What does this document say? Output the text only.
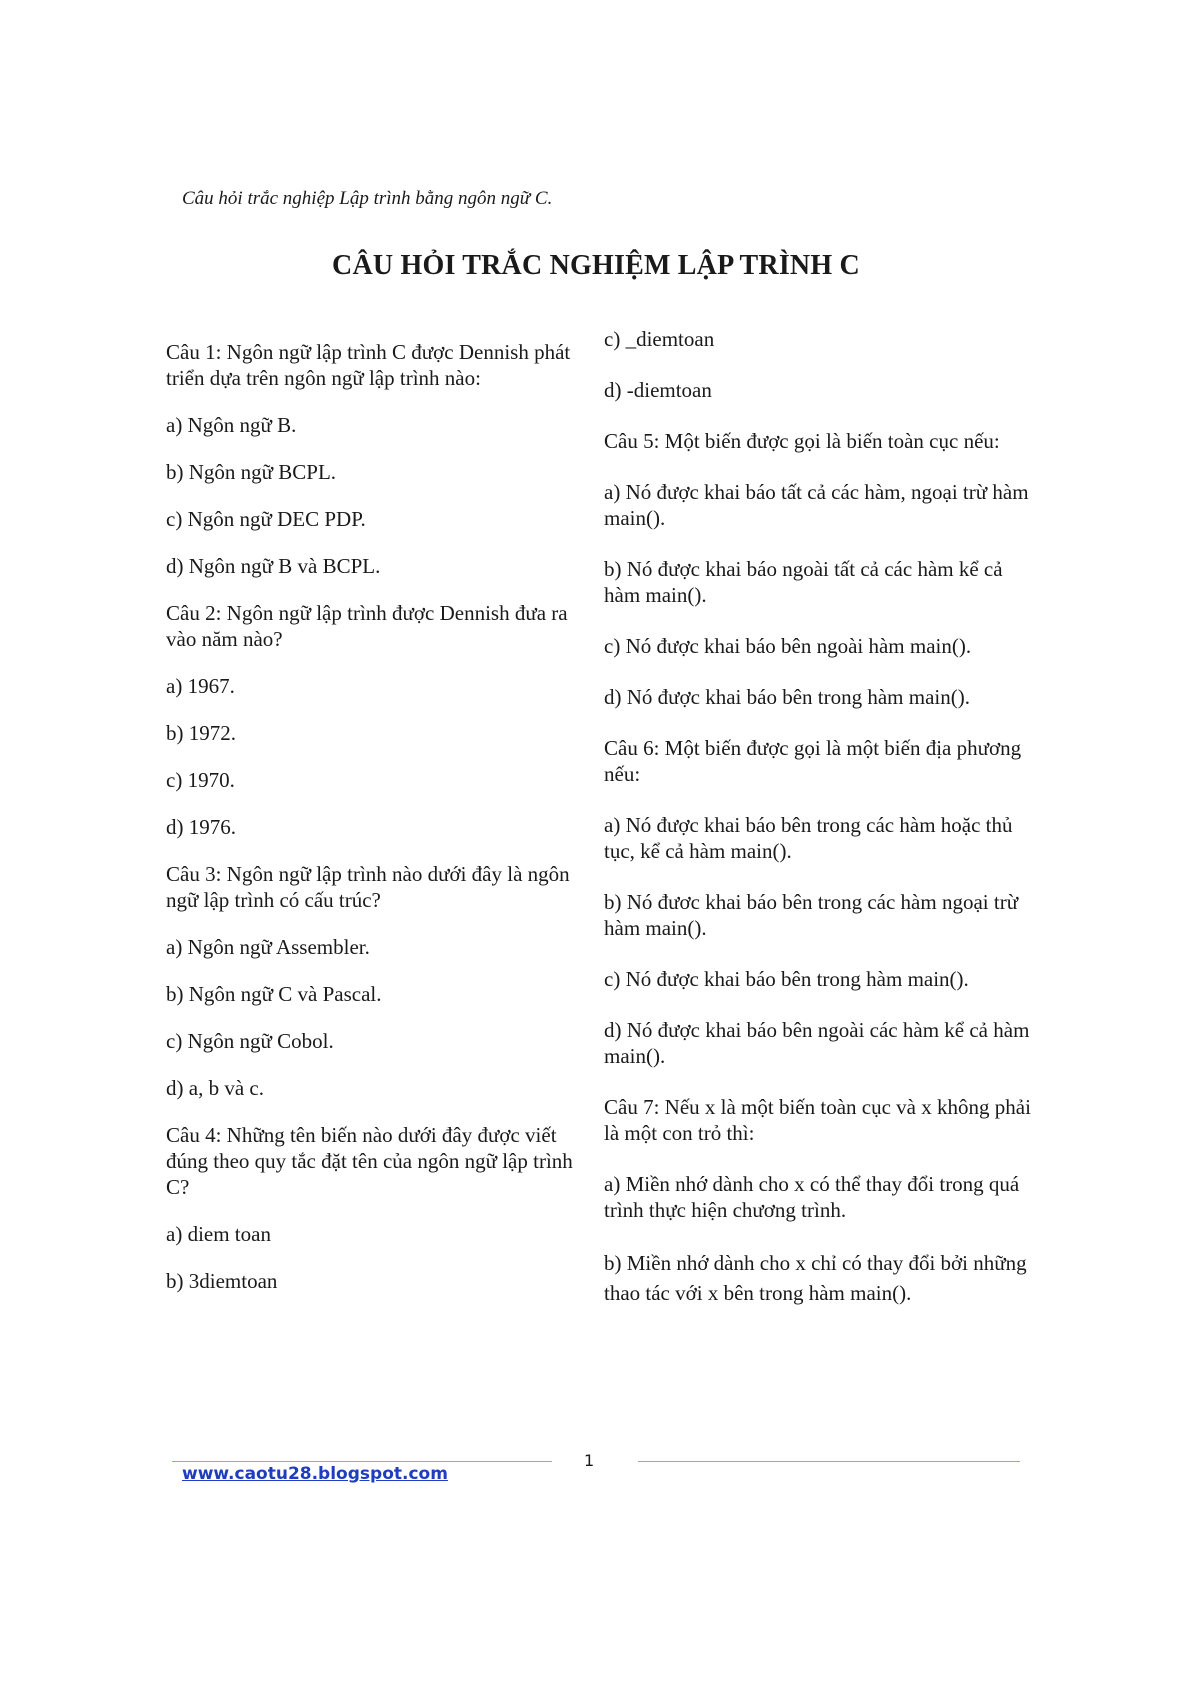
Câu hỏi trắc nghiệp Lập trình bằng ngôn ngữ C.
CÂU HỎI TRẮC NGHIỆM LẬP TRÌNH C

Câu 1: Ngôn ngữ lập trình C được Dennish phát triển dựa trên ngôn ngữ lập trình nào:

a) Ngôn ngữ B.

b) Ngôn ngữ BCPL.

c) Ngôn ngữ DEC PDP.

d) Ngôn ngữ B và BCPL.

Câu 2: Ngôn ngữ lập trình được Dennish đưa ra vào năm nào?

a) 1967.

b) 1972.

c) 1970.

d) 1976.

Câu 3: Ngôn ngữ lập trình nào dưới đây là ngôn ngữ lập trình có cấu trúc?

a) Ngôn ngữ Assembler.

b) Ngôn ngữ C và Pascal.

c) Ngôn ngữ Cobol.

d) a, b và c.

Câu 4: Những tên biến nào dưới đây được viết đúng theo quy tắc đặt tên của ngôn ngữ lập trình C?

a) diem toan

b) 3diemtoan

c) _diemtoan

d) -diemtoan

Câu 5: Một biến được gọi là biến toàn cục nếu:

a) Nó được khai báo tất cả các hàm, ngoại trừ hàm main().

b) Nó được khai báo ngoài tất cả các hàm kể cả hàm main().

c) Nó được khai báo bên ngoài hàm main().

d) Nó được khai báo bên trong hàm main().

Câu 6: Một biến được gọi là một biến địa phương nếu:

a) Nó được khai báo bên trong các hàm hoặc thủ tục, kể cả hàm main().

b) Nó đươc khai báo bên trong các hàm ngoại trừ hàm main().

c) Nó được khai báo bên trong hàm main().

d) Nó được khai báo bên ngoài các hàm kể cả hàm main().

Câu 7: Nếu x là một biến toàn cục và x không phải là một con trỏ thì:

a) Miền nhớ dành cho x có thể thay đổi trong quá trình thực hiện chương trình.

b) Miền nhớ dành cho x chỉ có thay đổi bởi những thao tác với x bên trong hàm main().

1
www.caotu28.blogspot.com
